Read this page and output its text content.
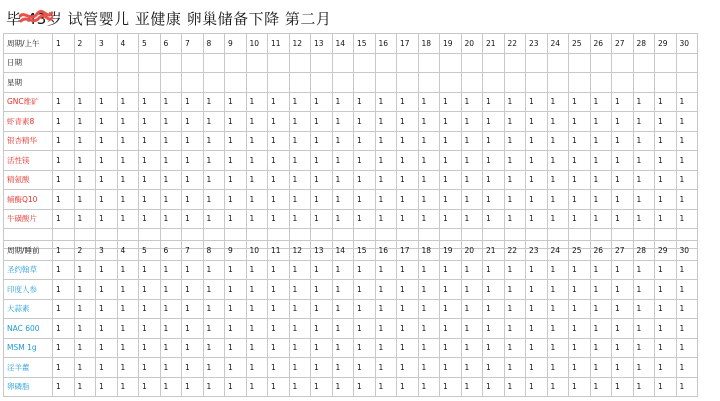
毕 43岁 试管婴儿 亚健康 卵巢储备下降 第二月
周期/上午	1	2	3	4	5	6	7	8	9	10	11	12	13	14	15	16	17	18	19	20	21	22	23	24	25	26	27	28	29	30
日期																														
星期																														
GNC维矿	1	1	1	1	1	1	1	1	1	1	1	1	1	1	1	1	1	1	1	1	1	1	1	1	1	1	1	1	1	1
虾青素8	1	1	1	1	1	1	1	1	1	1	1	1	1	1	1	1	1	1	1	1	1	1	1	1	1	1	1	1	1	1
银杏精华	1	1	1	1	1	1	1	1	1	1	1	1	1	1	1	1	1	1	1	1	1	1	1	1	1	1	1	1	1	1
活性镁	1	1	1	1	1	1	1	1	1	1	1	1	1	1	1	1	1	1	1	1	1	1	1	1	1	1	1	1	1	1
精氨酸	1	1	1	1	1	1	1	1	1	1	1	1	1	1	1	1	1	1	1	1	1	1	1	1	1	1	1	1	1	1
辅酶Q10	1	1	1	1	1	1	1	1	1	1	1	1	1	1	1	1	1	1	1	1	1	1	1	1	1	1	1	1	1	1
牛磺酸片	1	1	1	1	1	1	1	1	1	1	1	1	1	1	1	1	1	1	1	1	1	1	1	1	1	1	1	1	1	1

周期/睡前	1	2	3	4	5	6	7	8	9	10	11	12	13	14	15	16	17	18	19	20	21	22	23	24	25	26	27	28	29	30
圣约翰草	1	1	1	1	1	1	1	1	1	1	1	1	1	1	1	1	1	1	1	1	1	1	1	1	1	1	1	1	1	1
印度人参	1	1	1	1	1	1	1	1	1	1	1	1	1	1	1	1	1	1	1	1	1	1	1	1	1	1	1	1	1	1
大蒜素	1	1	1	1	1	1	1	1	1	1	1	1	1	1	1	1	1	1	1	1	1	1	1	1	1	1	1	1	1	1
NAC 600	1	1	1	1	1	1	1	1	1	1	1	1	1	1	1	1	1	1	1	1	1	1	1	1	1	1	1	1	1	1
MSM 1g	1	1	1	1	1	1	1	1	1	1	1	1	1	1	1	1	1	1	1	1	1	1	1	1	1	1	1	1	1	1
淫羊藿	1	1	1	1	1	1	1	1	1	1	1	1	1	1	1	1	1	1	1	1	1	1	1	1	1	1	1	1	1	1
卵磷脂	1	1	1	1	1	1	1	1	1	1	1	1	1	1	1	1	1	1	1	1	1	1	1	1	1	1	1	1	1	1
